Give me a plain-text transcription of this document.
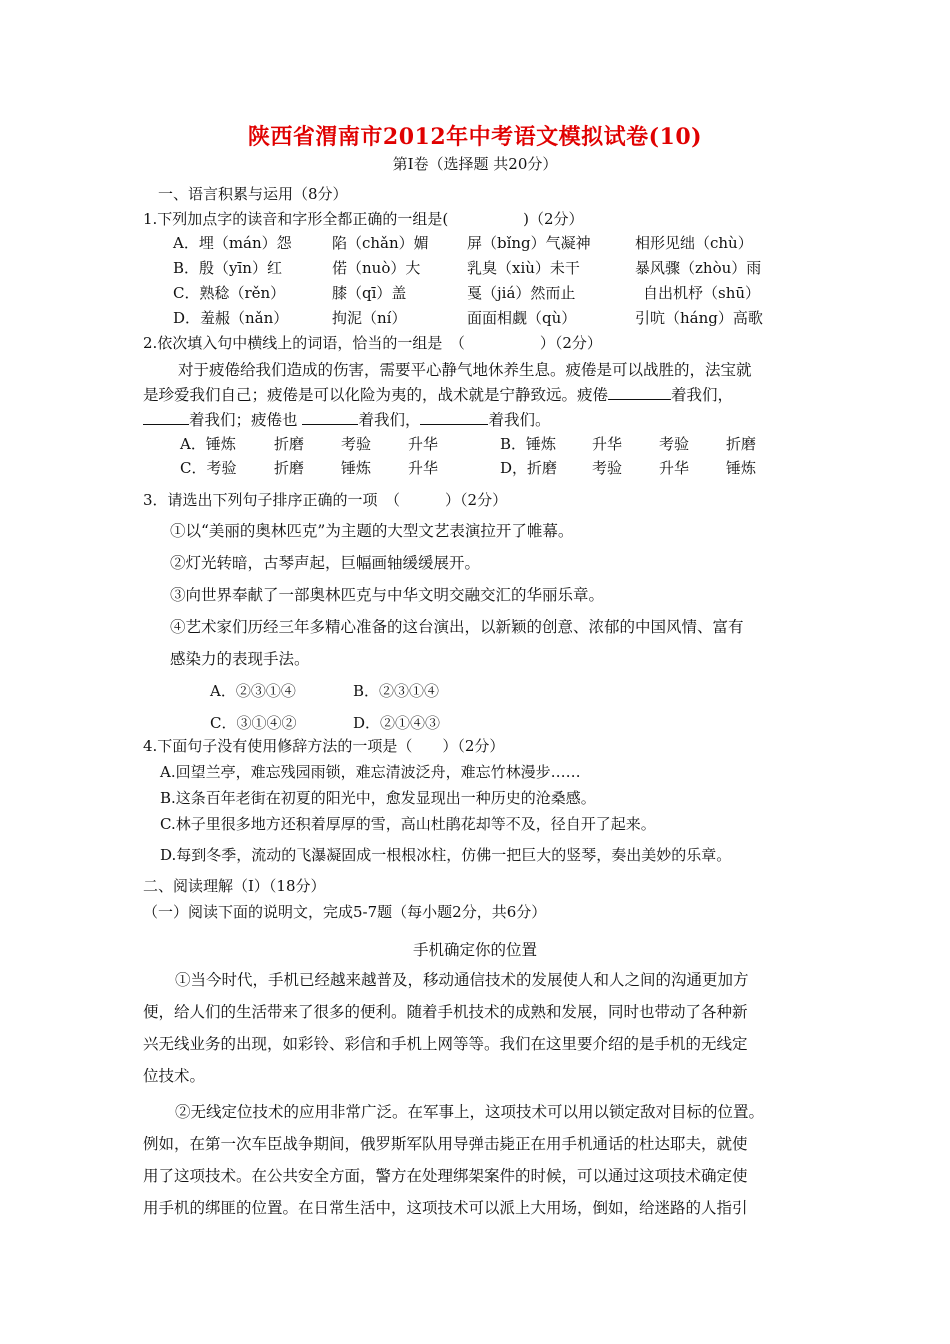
陕西省渭南市2012年中考语文模拟试卷(10)
第I卷（选择题 共20分）
一、语言积累与运用（8分）
1.下列加点字的读音和字形全都正确的一组是(　　　　　)（2分）
A．埋（mán）怨	陷（chǎn）媚	屏（bǐng）气凝神	相形见绌（chù）
B．殷（yīn）红	偌（nuò）大	乳臭（xiù）未干	暴风骤（zhòu）雨
C．熟稔（rěn）	膝（qī）盖	戛（jiá）然而止	自出机杼（shū）
D．羞赧（nǎn）	拘泥（ní）	面面相觑（qù）	引吭（háng）高歌
2.依次填入句中横线上的词语，恰当的一组是　（　　　　　）（2分）
对于疲倦给我们造成的伤害，需要平心静气地休养生息。疲倦是可以战胜的，法宝就
是珍爱我们自己；疲倦是可以化险为夷的，战术就是宁静致远。疲倦	着我们，
着我们；疲倦也	着我们，	着我们。
A．锤炼	折磨 考验 升华	B．锤炼 升华 考验 折磨
C．考验	折磨 锤炼 升华	D，折磨 考验 升华 锤炼
3．请选出下列句子排序正确的一项　（　　　）（2分）
①以“美丽的奥林匹克”为主题的大型文艺表演拉开了帷幕。
②灯光转暗，古琴声起，巨幅画轴缓缓展开。
③向世界奉献了一部奥林匹克与中华文明交融交汇的华丽乐章。
④艺术家们历经三年多精心准备的这台演出，以新颖的创意、浓郁的中国风情、富有
感染力的表现手法。
A．②③①④	B．②③①④
C．③①④②	D．②①④③
4.下面句子没有使用修辞方法的一项是（　　）（2分）
A.回望兰亭，难忘残园雨锁，难忘清波泛舟，难忘竹林漫步……
B.这条百年老街在初夏的阳光中，愈发显现出一种历史的沧桑感。
C.林子里很多地方还积着厚厚的雪，高山杜鹃花却等不及，径自开了起来。
D.每到冬季，流动的飞瀑凝固成一根根冰柱，仿佛一把巨大的竖琴，奏出美妙的乐章。
二、阅读理解（Ⅰ）（18分）
（一）阅读下面的说明文，完成5-7题（每小题2分，共6分）
手机确定你的位置
①当今时代，手机已经越来越普及，移动通信技术的发展使人和人之间的沟通更加方
便，给人们的生活带来了很多的便利。随着手机技术的成熟和发展，同时也带动了各种新
兴无线业务的出现，如彩铃、彩信和手机上网等等。我们在这里要介绍的是手机的无线定
位技术。
②无线定位技术的应用非常广泛。在军事上，这项技术可以用以锁定敌对目标的位置。
例如，在第一次车臣战争期间，俄罗斯军队用导弹击毙正在用手机通话的杜达耶夫，就使
用了这项技术。在公共安全方面，警方在处理绑架案件的时候，可以通过这项技术确定使
用手机的绑匪的位置。在日常生活中，这项技术可以派上大用场，倒如，给迷路的人指引
